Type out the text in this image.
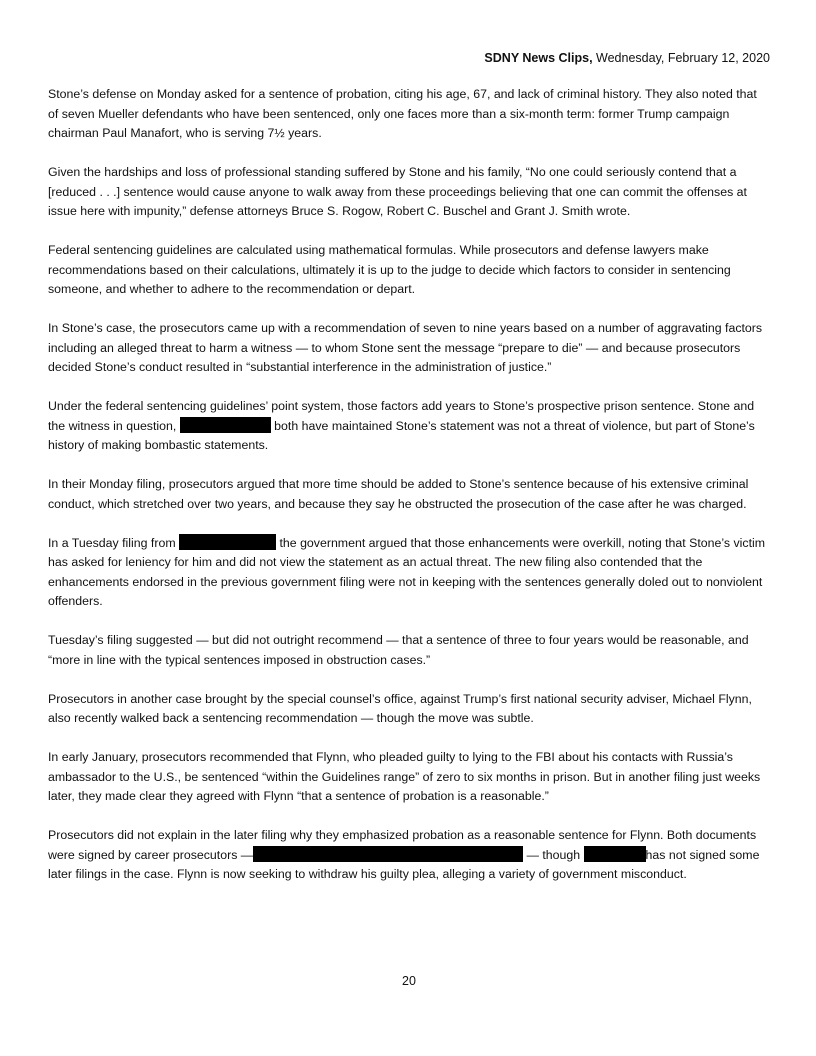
SDNY News Clips, Wednesday, February 12, 2020

Stone’s defense on Monday asked for a sentence of probation, citing his age, 67, and lack of criminal history. They also noted that of seven Mueller defendants who have been sentenced, only one faces more than a six-month term: former Trump campaign chairman Paul Manafort, who is serving 7½ years.

Given the hardships and loss of professional standing suffered by Stone and his family, “No one could seriously contend that a [reduced . . .] sentence would cause anyone to walk away from these proceedings believing that one can commit the offenses at issue here with impunity,” defense attorneys Bruce S. Rogow, Robert C. Buschel and Grant J. Smith wrote.

Federal sentencing guidelines are calculated using mathematical formulas. While prosecutors and defense lawyers make recommendations based on their calculations, ultimately it is up to the judge to decide which factors to consider in sentencing someone, and whether to adhere to the recommendation or depart.

In Stone’s case, the prosecutors came up with a recommendation of seven to nine years based on a number of aggravating factors including an alleged threat to harm a witness — to whom Stone sent the message “prepare to die” — and because prosecutors decided Stone’s conduct resulted in “substantial interference in the administration of justice.”

Under the federal sentencing guidelines’ point system, those factors add years to Stone’s prospective prison sentence. Stone and the witness in question,	both have maintained Stone’s statement was not a threat of violence, but part of Stone’s history of making bombastic statements.

In their Monday filing, prosecutors argued that more time should be added to Stone’s sentence because of his extensive criminal conduct, which stretched over two years, and because they say he obstructed the prosecution of the case after he was charged.

In a Tuesday filing from	the government argued that those enhancements were overkill, noting that Stone’s victim has asked for leniency for him and did not view the statement as an actual threat. The new filing also contended that the enhancements endorsed in the previous government filing were not in keeping with the sentences generally doled out to nonviolent offenders.

Tuesday’s filing suggested — but did not outright recommend — that a sentence of three to four years would be reasonable, and “more in line with the typical sentences imposed in obstruction cases.”

Prosecutors in another case brought by the special counsel’s office, against Trump’s first national security adviser, Michael Flynn, also recently walked back a sentencing recommendation — though the move was subtle.

In early January, prosecutors recommended that Flynn, who pleaded guilty to lying to the FBI about his contacts with Russia’s ambassador to the U.S., be sentenced “within the Guidelines range” of zero to six months in prison. But in another filing just weeks later, they made clear they agreed with Flynn “that a sentence of probation is a reasonable.”

Prosecutors did not explain in the later filing why they emphasized probation as a reasonable sentence for Flynn. Both documents were signed by career prosecutors —	— though	has not signed some later filings in the case. Flynn is now seeking to withdraw his guilty plea, alleging a variety of government misconduct.

20
